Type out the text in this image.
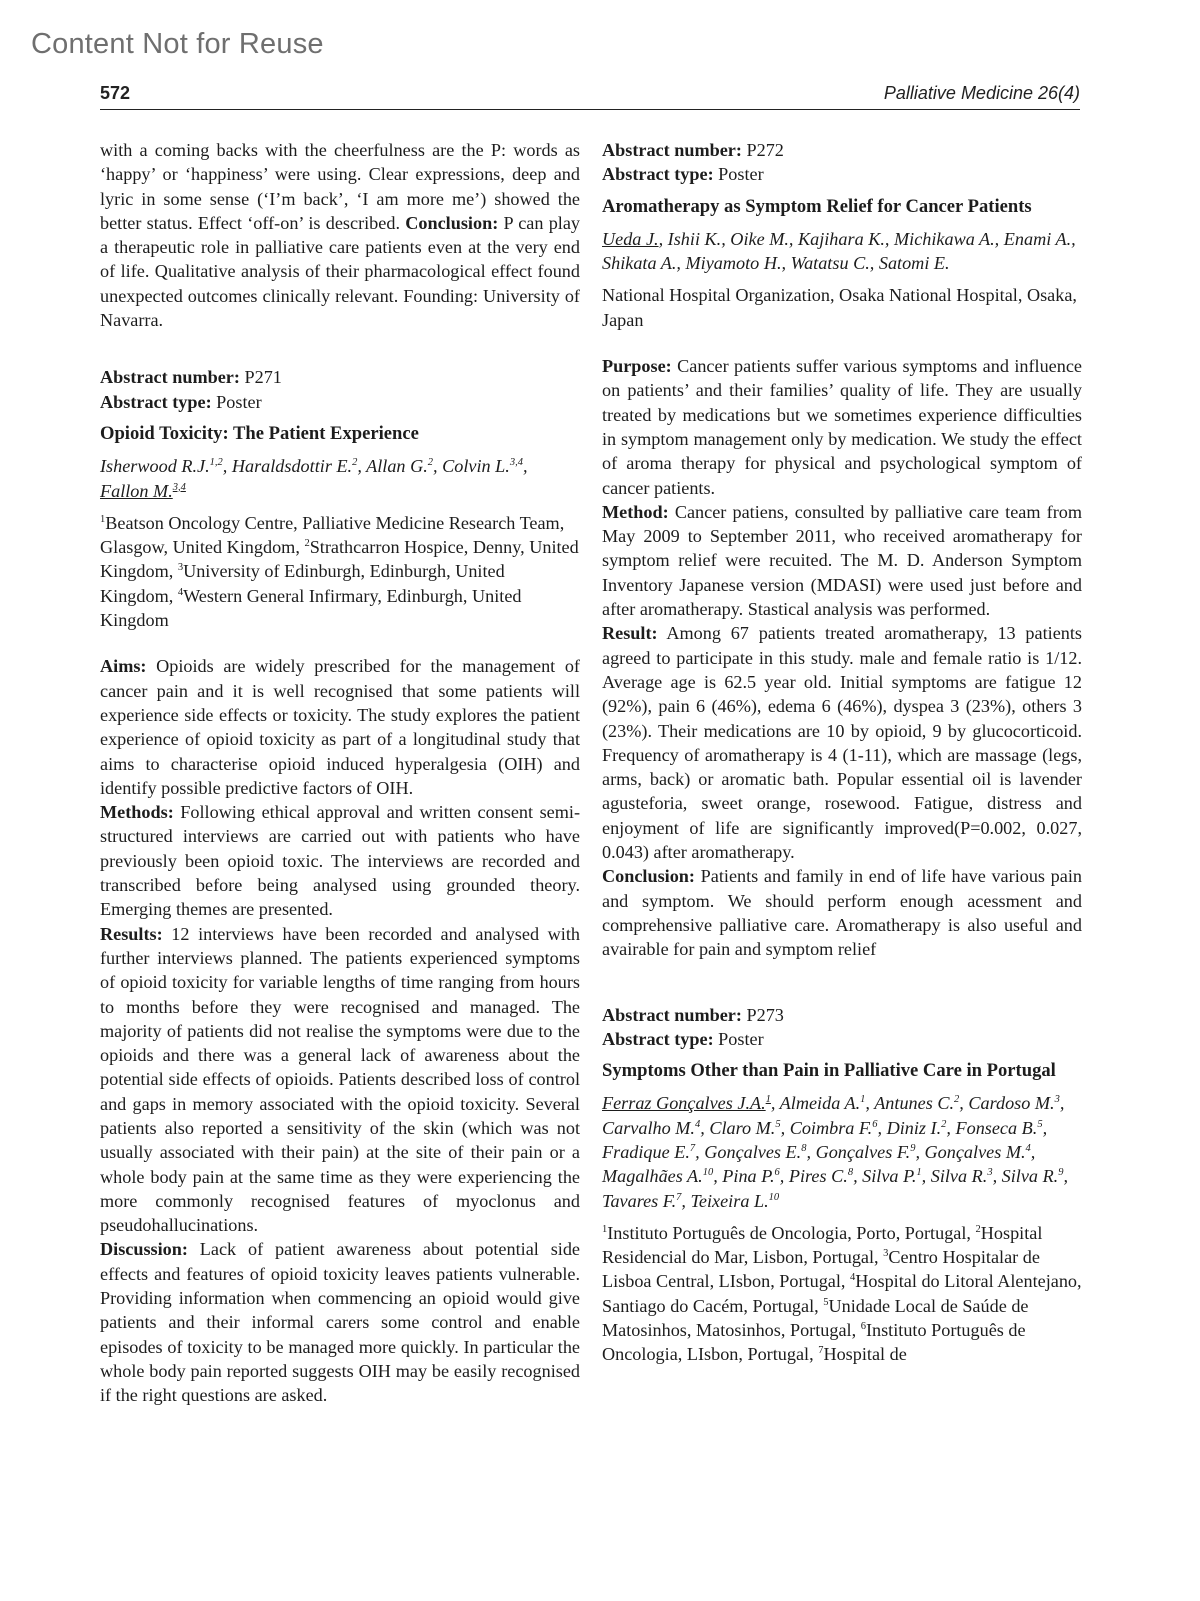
Content Not for Reuse
572	Palliative Medicine 26(4)

with a coming backs with the cheerfulness are the P: words as ‘happy’ or ‘happiness’ were using. Clear expressions, deep and lyric in some sense (‘I’m back’, ‘I am more me’) showed the better status. Effect ‘off-on’ is described. Conclusion: P can play a therapeutic role in palliative care patients even at the very end of life. Qualitative analysis of their pharmacological effect found unexpected outcomes clinically relevant. Founding: University of Navarra.

Abstract number: P271

Abstract type: Poster

Opioid Toxicity: The Patient Experience

Isherwood R.J.$^{1,2}$, Haraldsdottir E.$^2$, Allan G.$^2$, Colvin L.$^{3,4}$, Fallon M.$^{3,4}$

$^1$Beatson Oncology Centre, Palliative Medicine Research Team, Glasgow, United Kingdom, $^2$Strathcarron Hospice, Denny, United Kingdom, $^3$University of Edinburgh, Edinburgh, United Kingdom, $^4$Western General Infirmary, Edinburgh, United Kingdom

Aims: Opioids are widely prescribed for the management of cancer pain and it is well recognised that some patients will experience side effects or toxicity. The study explores the patient experience of opioid toxicity as part of a longitudinal study that aims to characterise opioid induced hyperalgesia (OIH) and identify possible predictive factors of OIH.

Methods: Following ethical approval and written consent semi-structured interviews are carried out with patients who have previously been opioid toxic. The interviews are recorded and transcribed before being analysed using grounded theory. Emerging themes are presented.

Results: 12 interviews have been recorded and analysed with further interviews planned. The patients experienced symptoms of opioid toxicity for variable lengths of time ranging from hours to months before they were recognised and managed. The majority of patients did not realise the symptoms were due to the opioids and there was a general lack of awareness about the potential side effects of opioids. Patients described loss of control and gaps in memory associated with the opioid toxicity. Several patients also reported a sensitivity of the skin (which was not usually associated with their pain) at the site of their pain or a whole body pain at the same time as they were experiencing the more commonly recognised features of myoclonus and pseudohallucinations.

Discussion: Lack of patient awareness about potential side effects and features of opioid toxicity leaves patients vulnerable. Providing information when commencing an opioid would give patients and their informal carers some control and enable episodes of toxicity to be managed more quickly. In particular the whole body pain reported suggests OIH may be easily recognised if the right questions are asked.

Abstract number: P272

Abstract type: Poster

Aromatherapy as Symptom Relief for Cancer Patients

Ueda J., Ishii K., Oike M., Kajihara K., Michikawa A., Enami A., Shikata A., Miyamoto H., Watatsu C., Satomi E.

National Hospital Organization, Osaka National Hospital, Osaka, Japan

Purpose: Cancer patients suffer various symptoms and influence on patients’ and their families’ quality of life. They are usually treated by medications but we sometimes experience difficulties in symptom management only by medication. We study the effect of aroma therapy for physical and psychological symptom of cancer patients.

Method: Cancer patiens, consulted by palliative care team from May 2009 to September 2011, who received aromatherapy for symptom relief were recuited. The M. D. Anderson Symptom Inventory Japanese version (MDASI) were used just before and after aromatherapy. Stastical analysis was performed.

Result: Among 67 patients treated aromatherapy, 13 patients agreed to participate in this study. male and female ratio is 1/12. Average age is 62.5 year old. Initial symptoms are fatigue 12 (92%), pain 6 (46%), edema 6 (46%), dyspea 3 (23%), others 3 (23%). Their medications are 10 by opioid, 9 by glucocorticoid. Frequency of aromatherapy is 4 (1-11), which are massage (legs, arms, back) or aromatic bath. Popular essential oil is lavender agusteforia, sweet orange, rosewood. Fatigue, distress and enjoyment of life are significantly improved(P=0.002, 0.027, 0.043) after aromatherapy.

Conclusion: Patients and family in end of life have various pain and symptom. We should perform enough acessment and comprehensive palliative care. Aromatherapy is also useful and avairable for pain and symptom relief

Abstract number: P273

Abstract type: Poster

Symptoms Other than Pain in Palliative Care in Portugal

Ferraz Gonçalves J.A.$^1$, Almeida A.$^1$, Antunes C.$^2$, Cardoso M.$^3$, Carvalho M.$^4$, Claro M.$^5$, Coimbra F.$^6$, Diniz I.$^2$, Fonseca B.$^5$, Fradique E.$^7$, Gonçalves E.$^8$, Gonçalves F.$^9$, Gonçalves M.$^4$, Magalhães A.$^{10}$, Pina P.$^6$, Pires C.$^8$, Silva P.$^1$, Silva R.$^3$, Silva R.$^9$, Tavares F.$^7$, Teixeira L.$^{10}$

$^1$Instituto Português de Oncologia, Porto, Portugal, $^2$Hospital Residencial do Mar, Lisbon, Portugal, $^3$Centro Hospitalar de Lisboa Central, LIsbon, Portugal, $^4$Hospital do Litoral Alentejano, Santiago do Cacém, Portugal, $^5$Unidade Local de Saúde de Matosinhos, Matosinhos, Portugal, $^6$Instituto Português de Oncologia, LIsbon, Portugal, $^7$Hospital de
